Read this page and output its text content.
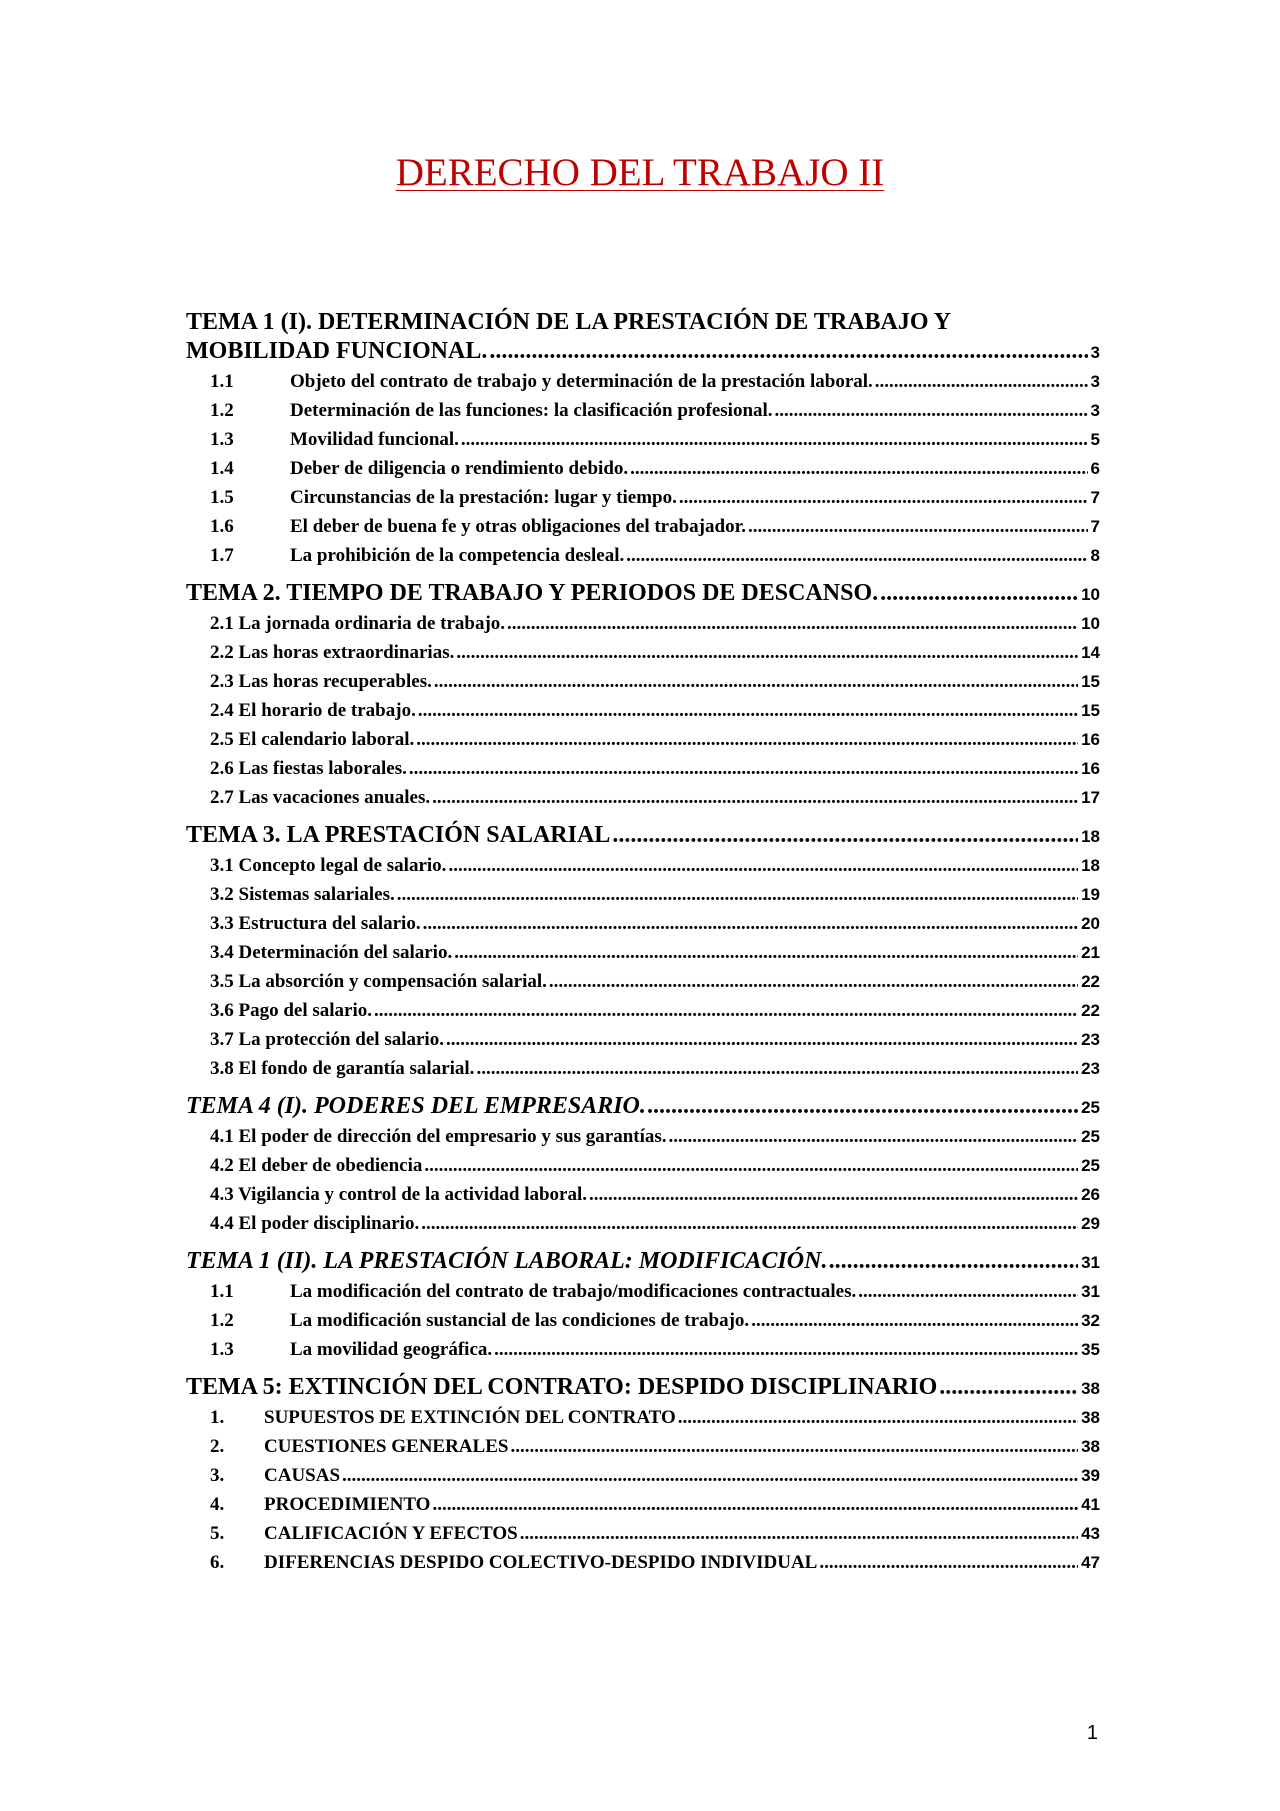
DERECHO DEL TRABAJO II
TEMA 1 (I). DETERMINACIÓN DE LA PRESTACIÓN DE TRABAJO Y
MOBILIDAD FUNCIONAL. .....	3
1.1	Objeto del contrato de trabajo y determinación de la prestación laboral. .....	3
1.2	Determinación de las funciones: la clasificación profesional. .....	3
1.3	Movilidad funcional. .....	5
1.4	Deber de diligencia o rendimiento debido. .....	6
1.5	Circunstancias de la prestación: lugar y tiempo. .....	7
1.6	El deber de buena fe y otras obligaciones del trabajador. .....	7
1.7	La prohibición de la competencia desleal. .....	8
TEMA 2. TIEMPO DE TRABAJO Y PERIODOS DE DESCANSO. .....	10
2.1 La jornada ordinaria de trabajo. .....	10
2.2 Las horas extraordinarias. .....	14
2.3 Las horas recuperables. .....	15
2.4 El horario de trabajo. .....	15
2.5 El calendario laboral. .....	16
2.6 Las fiestas laborales. .....	16
2.7 Las vacaciones anuales. .....	17
TEMA 3. LA PRESTACIÓN SALARIAL .....	18
3.1 Concepto legal de salario. .....	18
3.2 Sistemas salariales. .....	19
3.3 Estructura del salario. .....	20
3.4 Determinación del salario. .....	21
3.5 La absorción y compensación salarial. .....	22
3.6 Pago del salario. .....	22
3.7 La protección del salario. .....	23
3.8 El fondo de garantía salarial. .....	23
TEMA 4 (I). PODERES DEL EMPRESARIO. .....	25
4.1 El poder de dirección del empresario y sus garantías. .....	25
4.2 El deber de obediencia .....	25
4.3 Vigilancia y control de la actividad laboral. .....	26
4.4 El poder disciplinario. .....	29
TEMA 1 (II). LA PRESTACIÓN LABORAL: MODIFICACIÓN. .....	31
1.1	La modificación del contrato de trabajo/modificaciones contractuales. .....	31
1.2	La modificación sustancial de las condiciones de trabajo. .....	32
1.3	La movilidad geográfica. .....	35
TEMA 5: EXTINCIÓN DEL CONTRATO: DESPIDO DISCIPLINARIO .....	38
1.	SUPUESTOS DE EXTINCIÓN DEL CONTRATO .....	38
2.	CUESTIONES GENERALES .....	38
3.	CAUSAS .....	39
4.	PROCEDIMIENTO .....	41
5.	CALIFICACIÓN Y EFECTOS .....	43
6.	DIFERENCIAS DESPIDO COLECTIVO-DESPIDO INDIVIDUAL .....	47
1
